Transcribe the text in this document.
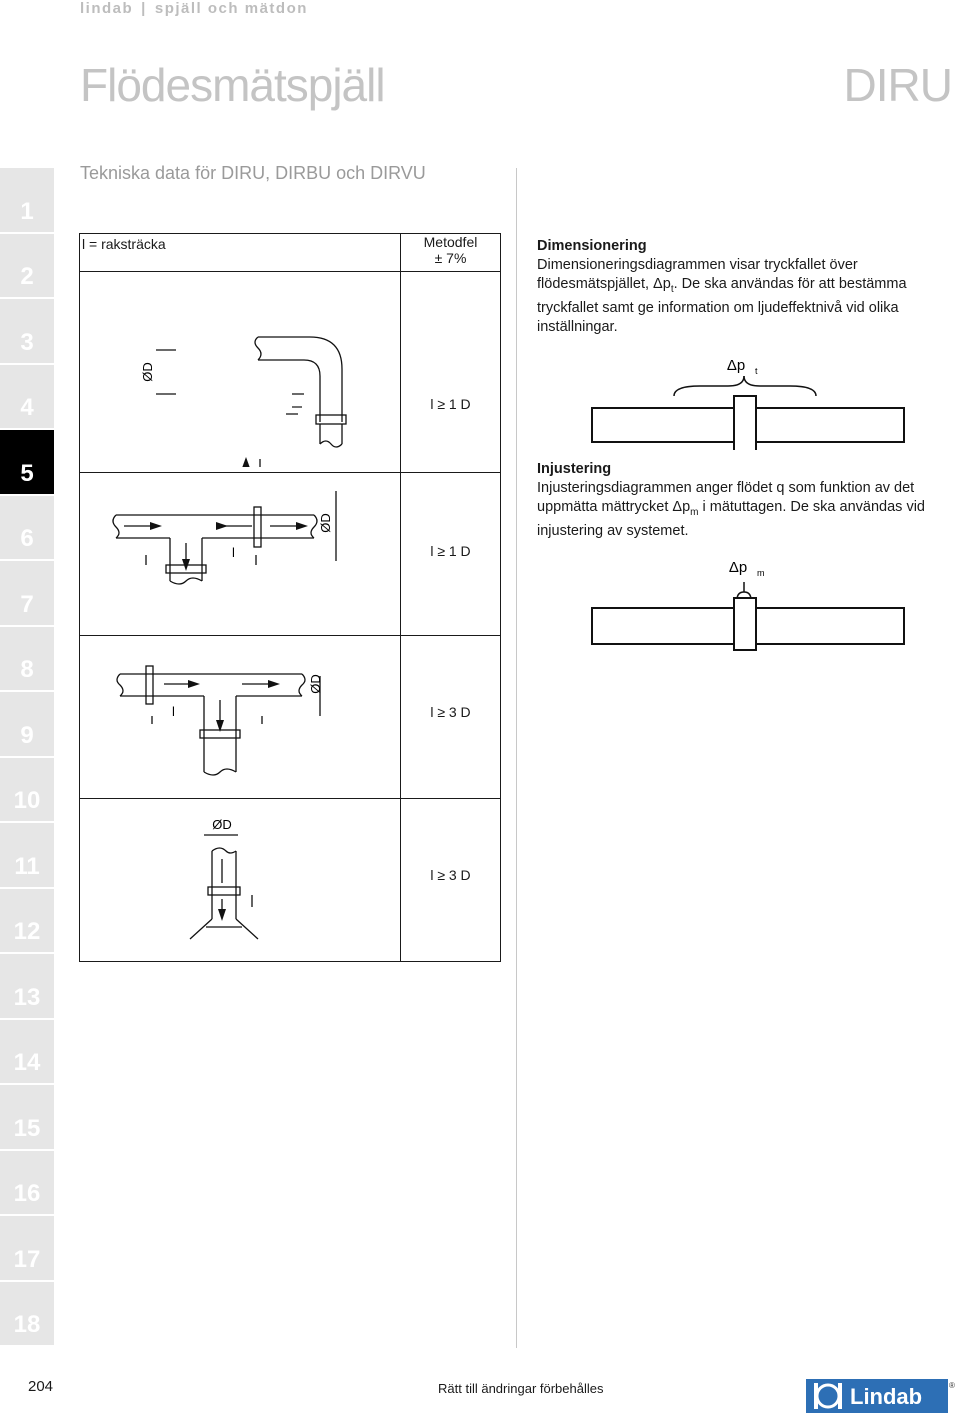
lindab | spjäll och mätdon
Flödesmätspjäll	DIRU
1
2
3
4
5
6
7
8
9
10
11
12
13
14
15
16
17
18
Tekniska data för DIRU, DIRBU och DIRVU
l = raksträcka	Metodfel
± 7%

ØD	l ≥ 1 D

ØD
l	l ≥ 1 D

ØD
l	l ≥ 3 D

ØD	l ≥ 3 D
Dimensionering

Dimensioneringsdiagrammen visar tryckfallet över flödesmätspjället, $\Delta p_t$. De ska användas för att bestämma tryckfallet samt ge information om ljudeffektnivå vid olika inställningar.

Δp t
Injustering

Injusteringsdiagrammen anger flödet q som funktion av det uppmätta mättrycket $\Delta p_m$ i mätuttagen. De ska användas vid injustering av systemet.

Δp m
204	Rätt till ändringar förbehålles	Lindab	®
